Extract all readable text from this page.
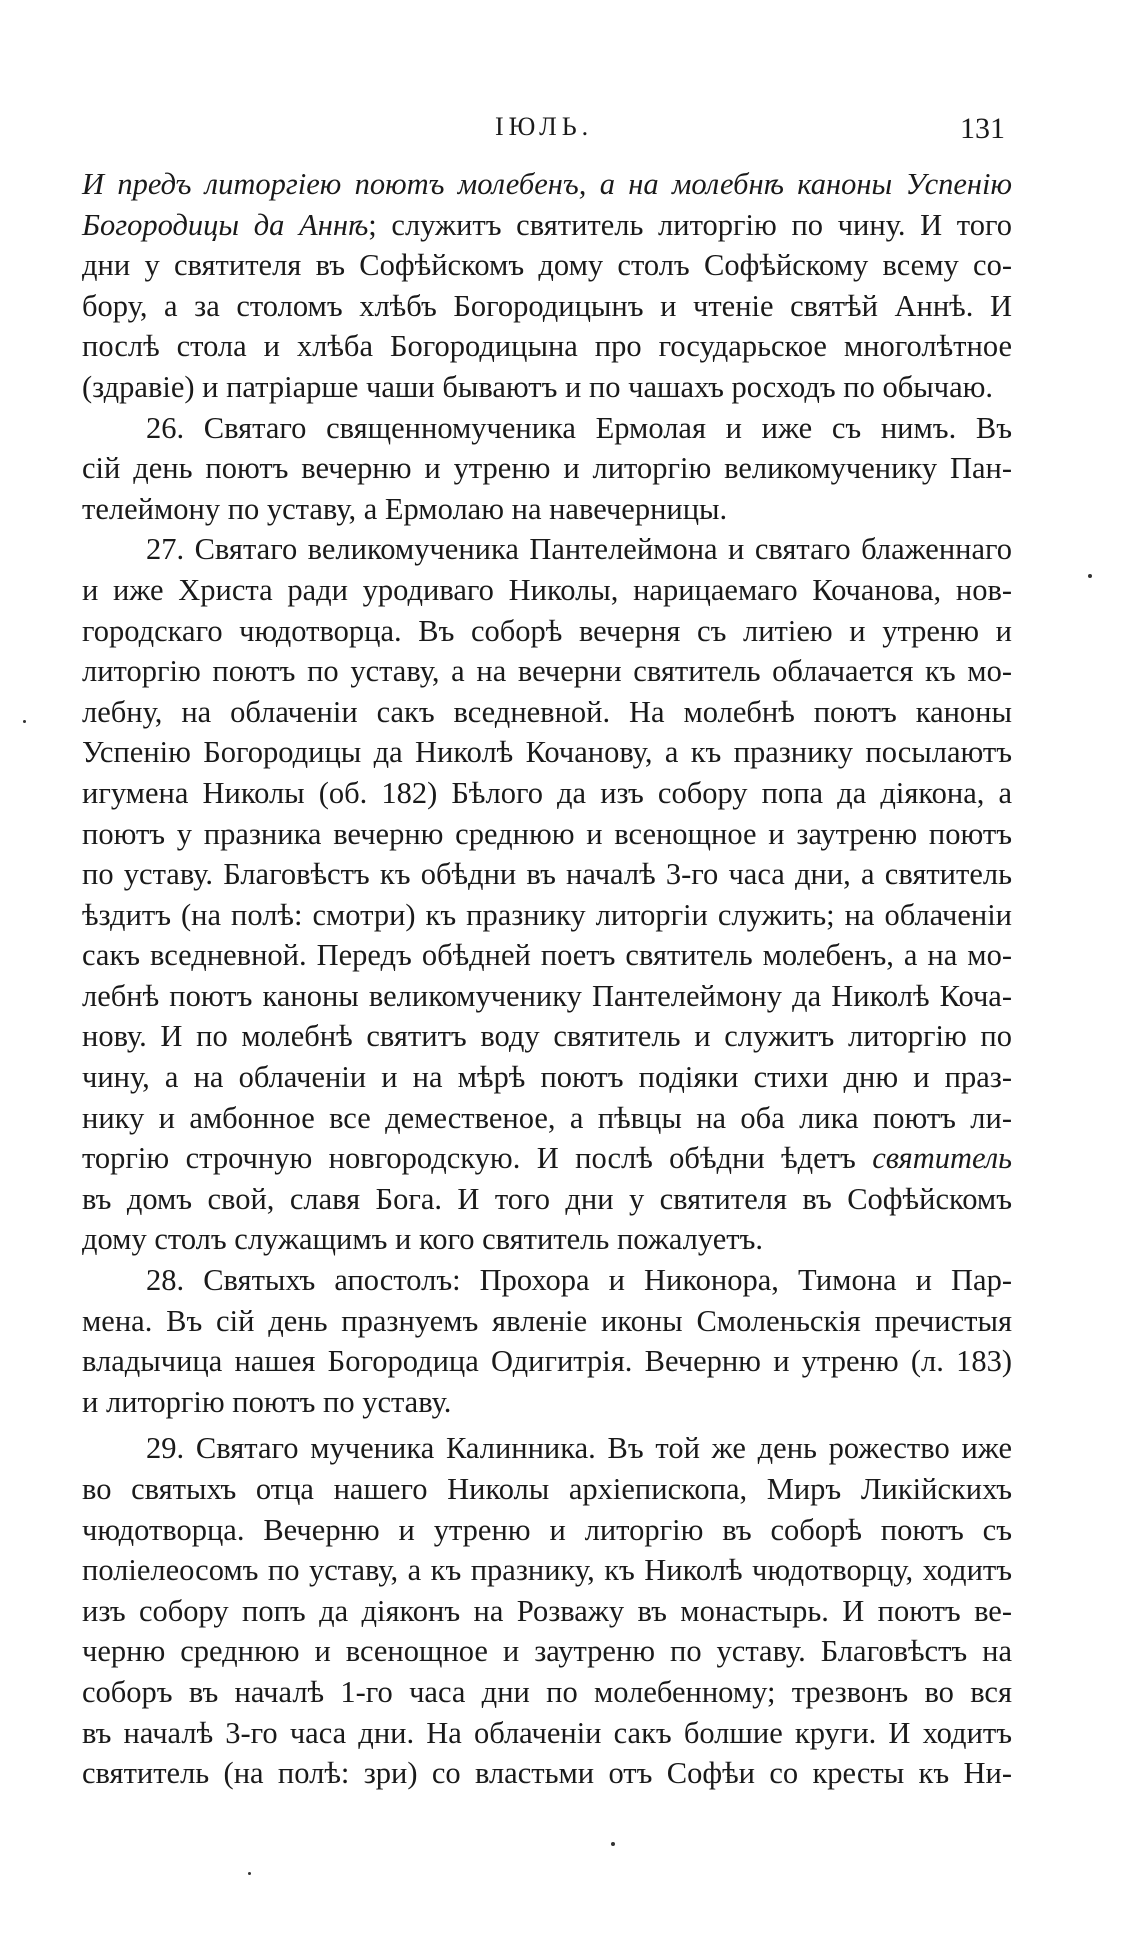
ІЮЛЬ.	131
И предъ литоргіею поютъ молебенъ, а на молебнѣ каноны Успенію
Богородицы да Аннѣ; служитъ святитель литоргію по чину. И того
дни у святителя въ Софѣйскомъ дому столъ Софѣйскому всему со-
бору, а за столомъ хлѣбъ Богородицынъ и чтеніе святѣй Аннѣ. И
послѣ стола и хлѣба Богородицына про государьское многолѣтное
(здравіе) и патріарше чаши бываютъ и по чашахъ росходъ по обычаю.
26. Святаго священномученика Ермолая и иже съ нимъ. Въ
сій день поютъ вечерню и утреню и литоргію великомученику Пан-
телеймону по уставу, а Ермолаю на навечерницы.
27. Святаго великомученика Пантелеймона и святаго блаженнаго
и иже Христа ради уродиваго Николы, нарицаемаго Кочанова, нов-
городскаго чюдотворца. Въ соборѣ вечерня съ литіею и утреню и
литоргію поютъ по уставу, а на вечерни святитель облачается къ мо-
лебну, на облаченіи сакъ вседневной. На молебнѣ поютъ каноны
Успенію Богородицы да Николѣ Кочанову, а къ празнику посылаютъ
игумена Николы (об. 182) Бѣлого да изъ собору попа да діякона, а
поютъ у празника вечерню среднюю и всенощное и заутреню поютъ
по уставу. Благовѣстъ къ обѣдни въ началѣ 3-го часа дни, а святитель
ѣздитъ (на полѣ: смотри) къ празнику литоргіи служить; на облаченіи
сакъ вседневной. Передъ обѣдней поетъ святитель молебенъ, а на мо-
лебнѣ поютъ каноны великомученику Пантелеймону да Николѣ Коча-
нову. И по молебнѣ святитъ воду святитель и служитъ литоргію по
чину, а на облаченіи и на мѣрѣ поютъ подіяки стихи дню и праз-
нику и амбонное все демественое, а пѣвцы на оба лика поютъ ли-
торгію строчную новгородскую. И послѣ обѣдни ѣдетъ святитель
въ домъ свой, славя Бога. И того дни у святителя въ Софѣйскомъ
дому столъ служащимъ и кого святитель пожалуетъ.
28. Святыхъ апостолъ: Прохора и Никонора, Тимона и Пар-
мена. Въ сій день празнуемъ явленіе иконы Смоленьскія пречистыя
владычица нашея Богородица Одигитрія. Вечерню и утреню (л. 183)
и литоргію поютъ по уставу.
29. Святаго мученика Калинника. Въ той же день рожество иже
во святыхъ отца нашего Николы архіепископа, Миръ Ликійскихъ
чюдотворца. Вечерню и утреню и литоргію въ соборѣ поютъ съ
поліелеосомъ по уставу, а къ празнику, къ Николѣ чюдотворцу, ходитъ
изъ собору попъ да діяконъ на Розважу въ монастырь. И поютъ ве-
черню среднюю и всенощное и заутреню по уставу. Благовѣстъ на
соборъ въ началѣ 1-го часа дни по молебенному; трезвонъ во вся
въ началѣ 3-го часа дни. На облаченіи сакъ болшие круги. И ходитъ
святитель (на полѣ: зри) со властьми отъ Софѣи со кресты къ Ни-
